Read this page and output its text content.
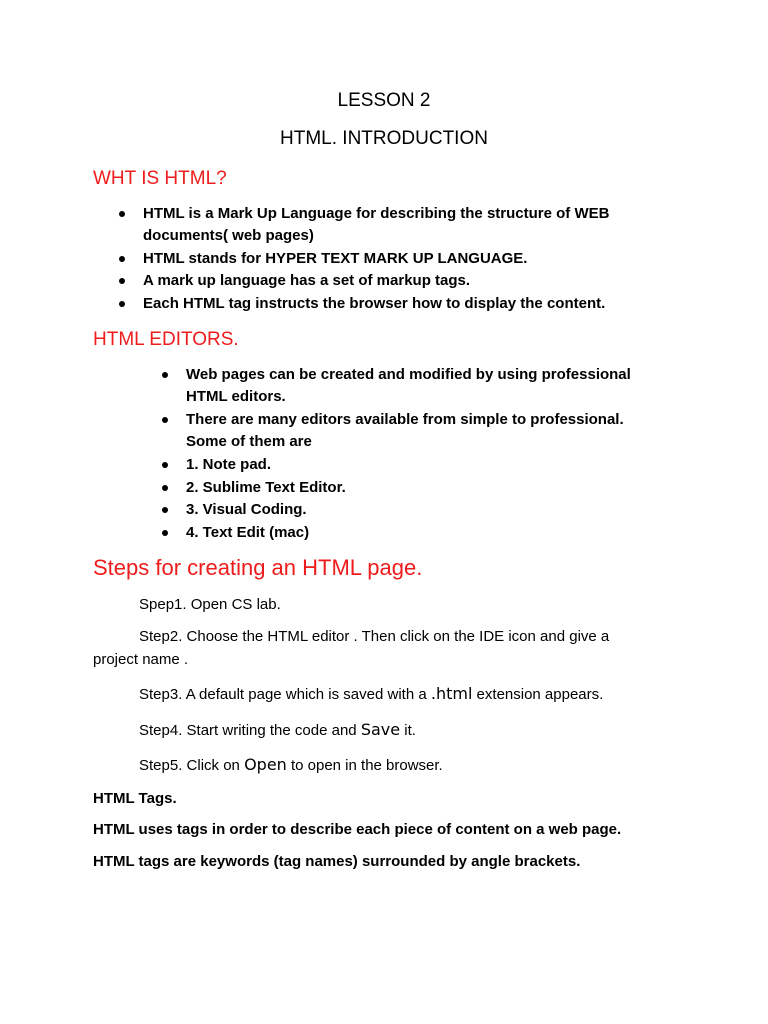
LESSON 2
HTML. INTRODUCTION
WHT IS HTML?
HTML is a Mark Up Language for describing the structure of WEB
documents( web pages)
HTML stands for HYPER TEXT MARK UP LANGUAGE.
A mark up language has a set of markup tags.
Each HTML tag instructs the browser how to display the content.
HTML EDITORS.
Web pages can be created and modified by using professional
HTML editors.
There are many editors available from simple to professional.
Some of them are
1. Note pad.
2. Sublime Text Editor.
3. Visual Coding.
4. Text Edit (mac)
Steps for creating an HTML page.
Spep1. Open CS lab.
Step2. Choose the HTML editor . Then click on the IDE icon and give a
project name .
Step3. A default page which is saved with a .html extension appears.
Step4. Start writing the code and Save it.
Step5. Click on Open to open in the browser.
HTML Tags.
HTML uses tags in order to describe each piece of content on a web page.
HTML tags are keywords (tag names) surrounded by angle brackets.
